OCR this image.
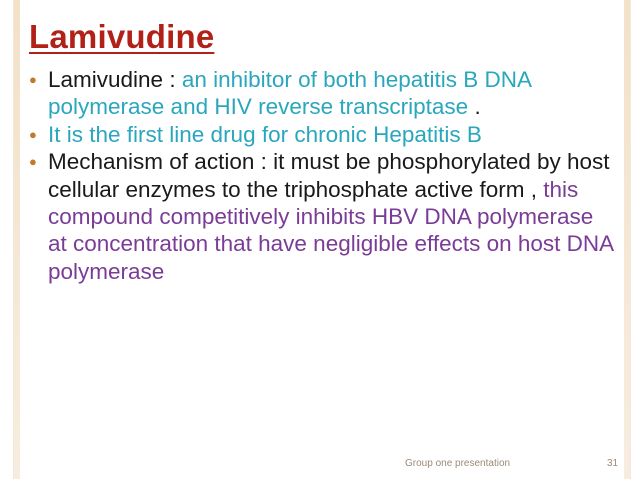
Lamivudine
● Lamivudine : an inhibitor of both hepatitis B DNA polymerase and HIV reverse transcriptase .
● It is the first line drug for chronic Hepatitis B
● Mechanism of action : it must be phosphorylated by host cellular enzymes to the triphosphate active form , this compound competitively inhibits HBV DNA polymerase at concentration that have negligible effects on host DNA polymerase
Group one presentation	31
